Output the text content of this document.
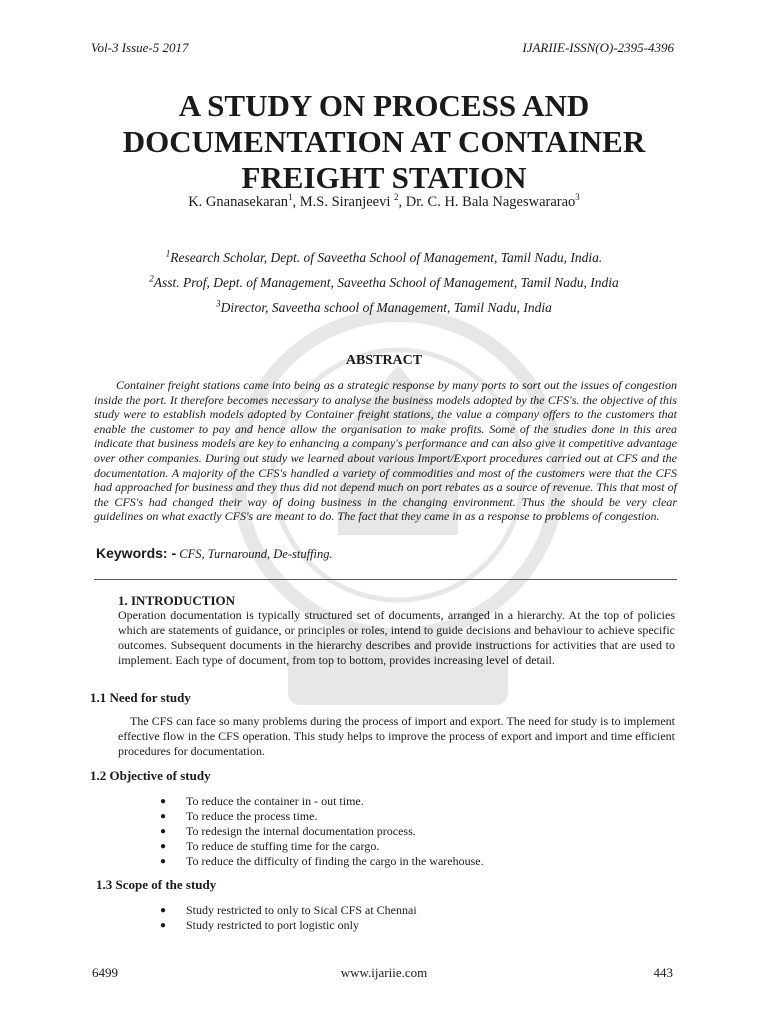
Vol-3 Issue-5 2017	IJARIIE-ISSN(O)-2395-4396
A STUDY ON PROCESS AND
DOCUMENTATION AT CONTAINER
FREIGHT STATION
K. Gnanasekaran$^1$, M.S. Siranjeevi $^2$, Dr. C. H. Bala Nageswararao$^3$
$^1$Research Scholar, Dept. of Saveetha School of Management, Tamil Nadu, India.
$^2$Asst. Prof, Dept. of Management, Saveetha School of Management, Tamil Nadu, India
$^3$Director, Saveetha school of Management, Tamil Nadu, India
ABSTRACT

Container freight stations came into being as a strategic response by many ports to sort out the issues of congestion inside the port. It therefore becomes necessary to analyse the business models adopted by the CFS's. the objective of this study were to establish models adopted by Container freight stations, the value a company offers to the customers that enable the customer to pay and hence allow the organisation to make profits. Some of the studies done in this area indicate that business models are key to enhancing a company's performance and can also give it competitive advantage over other companies. During out study we learned about various Import/Export procedures carried out at CFS and the documentation. A majority of the CFS's handled a variety of commodities and most of the customers were that the CFS had approached for business and they thus did not depend much on port rebates as a source of revenue. This that most of the CFS's had changed their way of doing business in the changing environment. Thus the should be very clear guidelines on what exactly CFS's are meant to do. The fact that they came in as a response to problems of congestion.

Keywords: - CFS, Turnaround, De-stuffing.
1. INTRODUCTION

Operation documentation is typically structured set of documents, arranged in a hierarchy. At the top of policies which are statements of guidance, or principles or roles, intend to guide decisions and behaviour to achieve specific outcomes. Subsequent documents in the hierarchy describes and provide instructions for activities that are used to implement. Each type of document, from top to bottom, provides increasing level of detail.

1.1 Need for study

The CFS can face so many problems during the process of import and export. The need for study is to implement effective flow in the CFS operation. This study helps to improve the process of export and import and time efficient procedures for documentation.

1.2 Objective of study
● To reduce the container in - out time.
● To reduce the process time.
● To redesign the internal documentation process.
● To reduce de stuffing time for the cargo.
● To reduce the difficulty of finding the cargo in the warehouse.
1.3 Scope of the study
● Study restricted to only to Sical CFS at Chennai
● Study restricted to port logistic only
6499	www.ijariie.com	443
